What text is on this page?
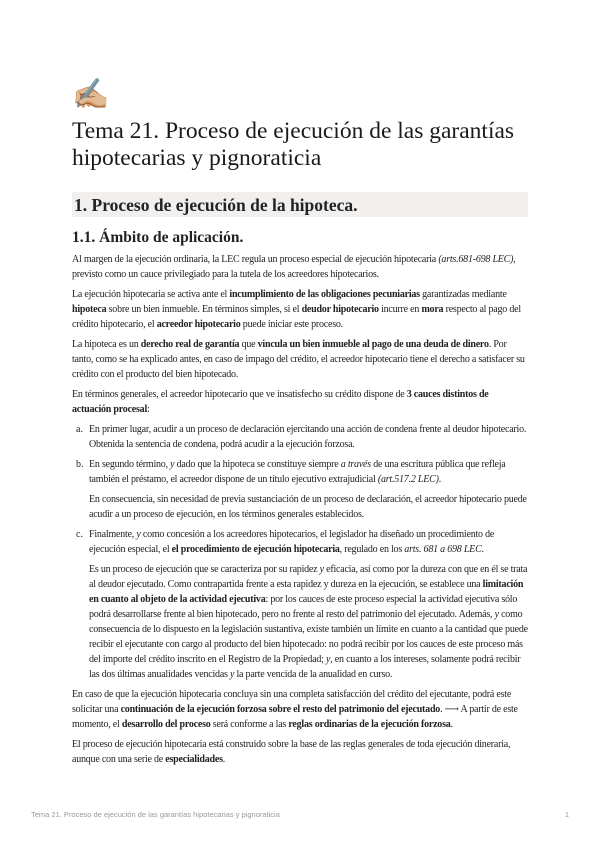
✍🏼
Tema 21. Proceso de ejecución de las garantías hipotecarias y pignoraticia
1. Proceso de ejecución de la hipoteca.
1.1. Ámbito de aplicación.

Al margen de la ejecución ordinaria, la LEC regula un proceso especial de ejecución hipotecaria (arts.681-698 LEC), previsto como un cauce privilegiado para la tutela de los acreedores hipotecarios.

La ejecución hipotecaria se activa ante el incumplimiento de las obligaciones pecuniarias garantizadas mediante hipoteca sobre un bien inmueble. En términos simples, si el deudor hipotecario incurre en mora respecto al pago del crédito hipotecario, el acreedor hipotecario puede iniciar este proceso.

La hipoteca es un derecho real de garantía que vincula un bien inmueble al pago de una deuda de dinero. Por tanto, como se ha explicado antes, en caso de impago del crédito, el acreedor hipotecario tiene el derecho a satisfacer su crédito con el producto del bien hipotecado.

En términos generales, el acreedor hipotecario que ve insatisfecho su crédito dispone de 3 cauces distintos de actuación procesal:

a. En primer lugar, acudir a un proceso de declaración ejercitando una acción de condena frente al deudor hipotecario. Obtenida la sentencia de condena, podrá acudir a la ejecución forzosa.

b. En segundo término, y dado que la hipoteca se constituye siempre a través de una escritura pública que refleja también el préstamo, el acreedor dispone de un título ejecutivo extrajudicial (art.517.2 LEC).

En consecuencia, sin necesidad de previa sustanciación de un proceso de declaración, el acreedor hipotecario puede acudir a un proceso de ejecución, en los términos generales establecidos.

c. Finalmente, y como concesión a los acreedores hipotecarios, el legislador ha diseñado un procedimiento de ejecución especial, el el procedimiento de ejecución hipotecaria, regulado en los arts. 681 a 698 LEC.

Es un proceso de ejecución que se caracteriza por su rapidez y eficacia, así como por la dureza con que en él se trata al deudor ejecutado. Como contrapartida frente a esta rapidez y dureza en la ejecución, se establece una limitación en cuanto al objeto de la actividad ejecutiva: por los cauces de este proceso especial la actividad ejecutiva sólo podrá desarrollarse frente al bien hipotecado, pero no frente al resto del patrimonio del ejecutado. Además, y como consecuencia de lo dispuesto en la legislación sustantiva, existe también un límite en cuanto a la cantidad que puede recibir el ejecutante con cargo al producto del bien hipotecado: no podrá recibir por los cauces de este proceso más del importe del crédito inscrito en el Registro de la Propiedad; y, en cuanto a los intereses, solamente podrá recibir las dos últimas anualidades vencidas y la parte vencida de la anualidad en curso.

En caso de que la ejecución hipotecaria concluya sin una completa satisfacción del crédito del ejecutante, podrá este solicitar una continuación de la ejecución forzosa sobre el resto del patrimonio del ejecutado. ⟶ A partir de este momento, el desarrollo del proceso será conforme a las reglas ordinarias de la ejecución forzosa.

El proceso de ejecución hipotecaria está construido sobre la base de las reglas generales de toda ejecución dineraria, aunque con una serie de especialidades.

Tema 21. Proceso de ejecución de las garantías hipotecarias y pignoraticia	1
